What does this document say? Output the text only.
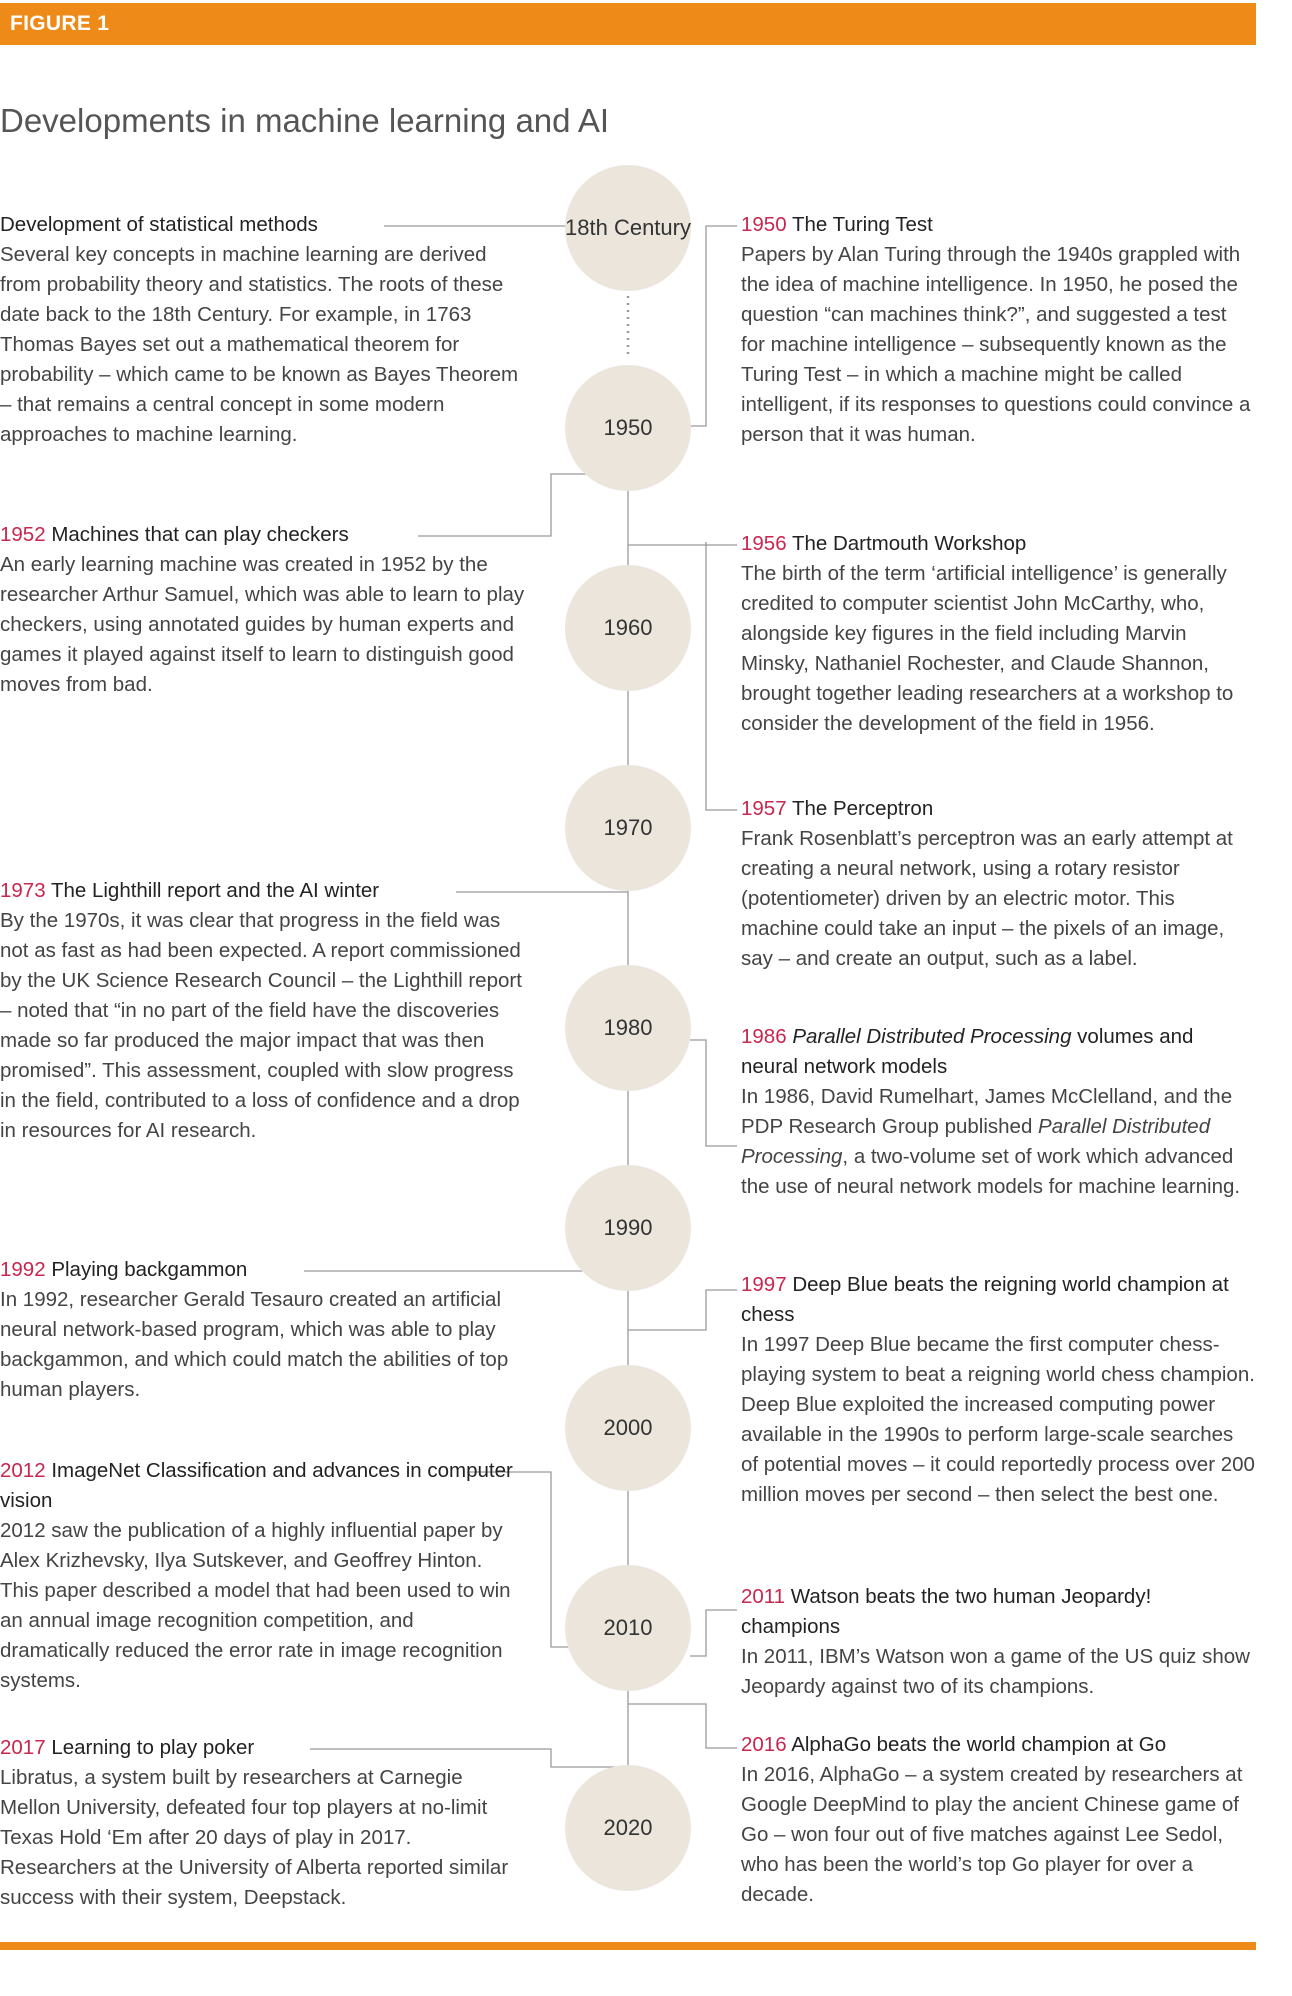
FIGURE 1
Developments in machine learning and AI
18th Century
1950
1960
1970
1980
1990
2000
2010
2020
Development of statistical methods
Several key concepts in machine learning are derived from probability theory and statistics. The roots of these date back to the 18th Century. For example, in 1763 Thomas Bayes set out a mathematical theorem for probability – which came to be known as Bayes Theorem – that remains a central concept in some modern approaches to machine learning.
1952 Machines that can play checkers
An early learning machine was created in 1952 by the researcher Arthur Samuel, which was able to learn to play checkers, using annotated guides by human experts and games it played against itself to learn to distinguish good moves from bad.
1973 The Lighthill report and the AI winter
By the 1970s, it was clear that progress in the field was not as fast as had been expected. A report commissioned by the UK Science Research Council – the Lighthill report – noted that “in no part of the field have the discoveries made so far produced the major impact that was then promised”. This assessment, coupled with slow progress in the field, contributed to a loss of confidence and a drop in resources for AI research.
1992 Playing backgammon
In 1992, researcher Gerald Tesauro created an artificial neural network-based program, which was able to play backgammon, and which could match the abilities of top human players.
2012 ImageNet Classification and advances in computer vision
2012 saw the publication of a highly influential paper by Alex Krizhevsky, Ilya Sutskever, and Geoffrey Hinton. This paper described a model that had been used to win an annual image recognition competition, and dramatically reduced the error rate in image recognition systems.
2017 Learning to play poker
Libratus, a system built by researchers at Carnegie Mellon University, defeated four top players at no-limit Texas Hold ‘Em after 20 days of play in 2017. Researchers at the University of Alberta reported similar success with their system, Deepstack.
1950 The Turing Test
Papers by Alan Turing through the 1940s grappled with the idea of machine intelligence. In 1950, he posed the question “can machines think?”, and suggested a test for machine intelligence – subsequently known as the Turing Test – in which a machine might be called intelligent, if its responses to questions could convince a person that it was human.
1956 The Dartmouth Workshop
The birth of the term ‘artificial intelligence’ is generally credited to computer scientist John McCarthy, who, alongside key figures in the field including Marvin Minsky, Nathaniel Rochester, and Claude Shannon, brought together leading researchers at a workshop to consider the development of the field in 1956.
1957 The Perceptron
Frank Rosenblatt’s perceptron was an early attempt at creating a neural network, using a rotary resistor (potentiometer) driven by an electric motor. This machine could take an input – the pixels of an image, say – and create an output, such as a label.
1986 Parallel Distributed Processing volumes and neural network models
In 1986, David Rumelhart, James McClelland, and the PDP Research Group published Parallel Distributed Processing, a two-volume set of work which advanced the use of neural network models for machine learning.
1997 Deep Blue beats the reigning world champion at chess
In 1997 Deep Blue became the first computer chess-playing system to beat a reigning world chess champion. Deep Blue exploited the increased computing power available in the 1990s to perform large-scale searches of potential moves – it could reportedly process over 200 million moves per second – then select the best one.
2011 Watson beats the two human Jeopardy! champions
In 2011, IBM’s Watson won a game of the US quiz show Jeopardy against two of its champions.
2016 AlphaGo beats the world champion at Go
In 2016, AlphaGo – a system created by researchers at Google DeepMind to play the ancient Chinese game of Go – won four out of five matches against Lee Sedol, who has been the world’s top Go player for over a decade.
